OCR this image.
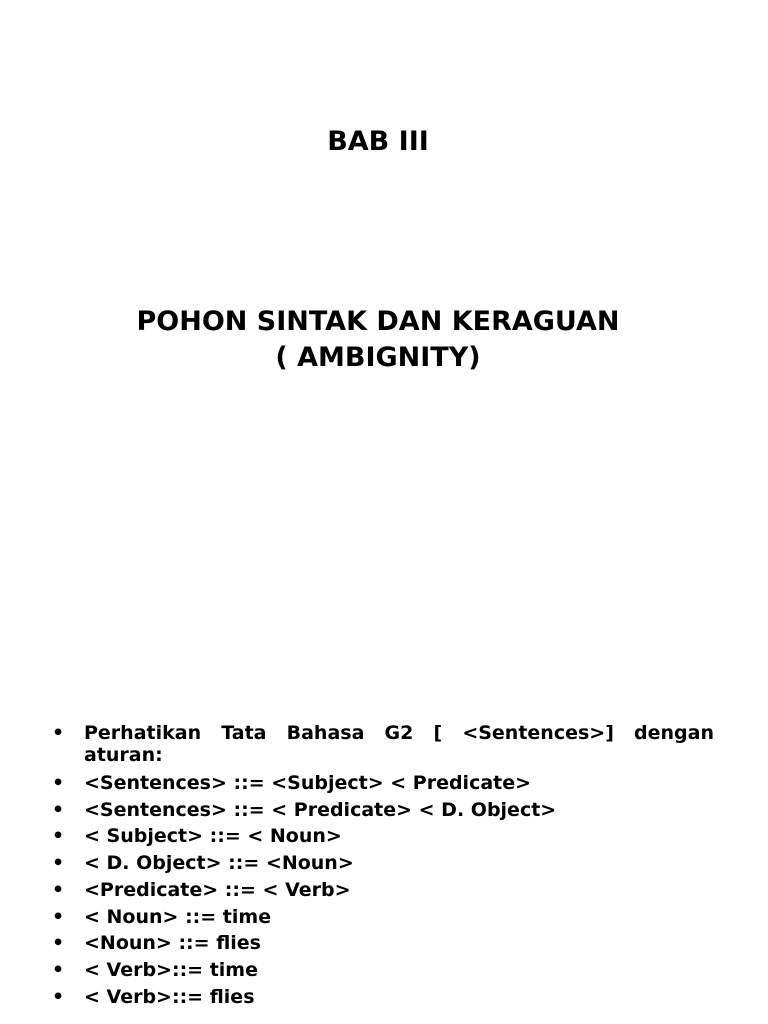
BAB III
POHON SINTAK DAN KERAGUAN
( AMBIGNITY)
• Perhatikan Tata Bahasa G2 [ <Sentences>] dengan aturan:
• <Sentences> ::= <Subject> < Predicate>
• <Sentences> ::= < Predicate> < D. Object>
• < Subject> ::= < Noun>
• < D. Object> ::= <Noun>
• <Predicate> ::= < Verb>
• < Noun> ::= time
• <Noun> ::= flies
• < Verb>::= time
• < Verb>::= flies
